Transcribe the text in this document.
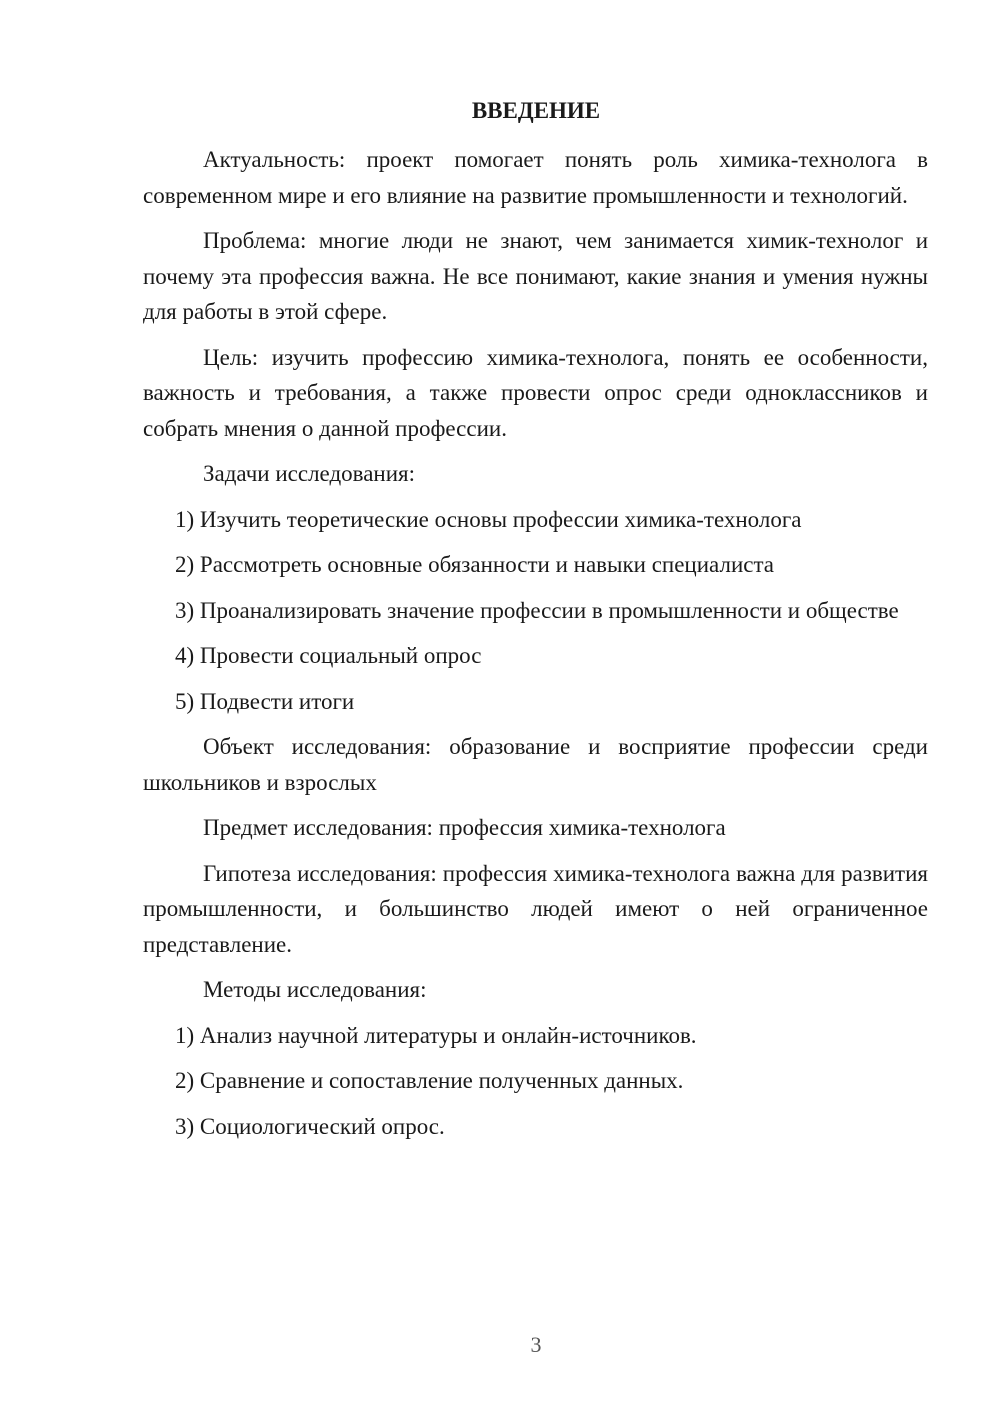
ВВЕДЕНИЕ

Актуальность: проект помогает понять роль химика-технолога в современном мире и его влияние на развитие промышленности и технологий.

Проблема: многие люди не знают, чем занимается химик-технолог и почему эта профессия важна. Не все понимают, какие знания и умения нужны для работы в этой сфере.

Цель: изучить профессию химика-технолога, понять ее особенности, важность и требования, а также провести опрос среди одноклассников и собрать мнения о данной профессии.

Задачи исследования:

1) Изучить теоретические основы профессии химика-технолога

2) Рассмотреть основные обязанности и навыки специалиста

3) Проанализировать значение профессии в промышленности и обществе

4) Провести социальный опрос

5) Подвести итоги

Объект исследования: образование и восприятие профессии среди школьников и взрослых

Предмет исследования: профессия химика-технолога

Гипотеза исследования: профессия химика-технолога важна для развития промышленности, и большинство людей имеют о ней ограниченное представление.

Методы исследования:

1) Анализ научной литературы и онлайн-источников.

2) Сравнение и сопоставление полученных данных.

3) Социологический опрос.

3
